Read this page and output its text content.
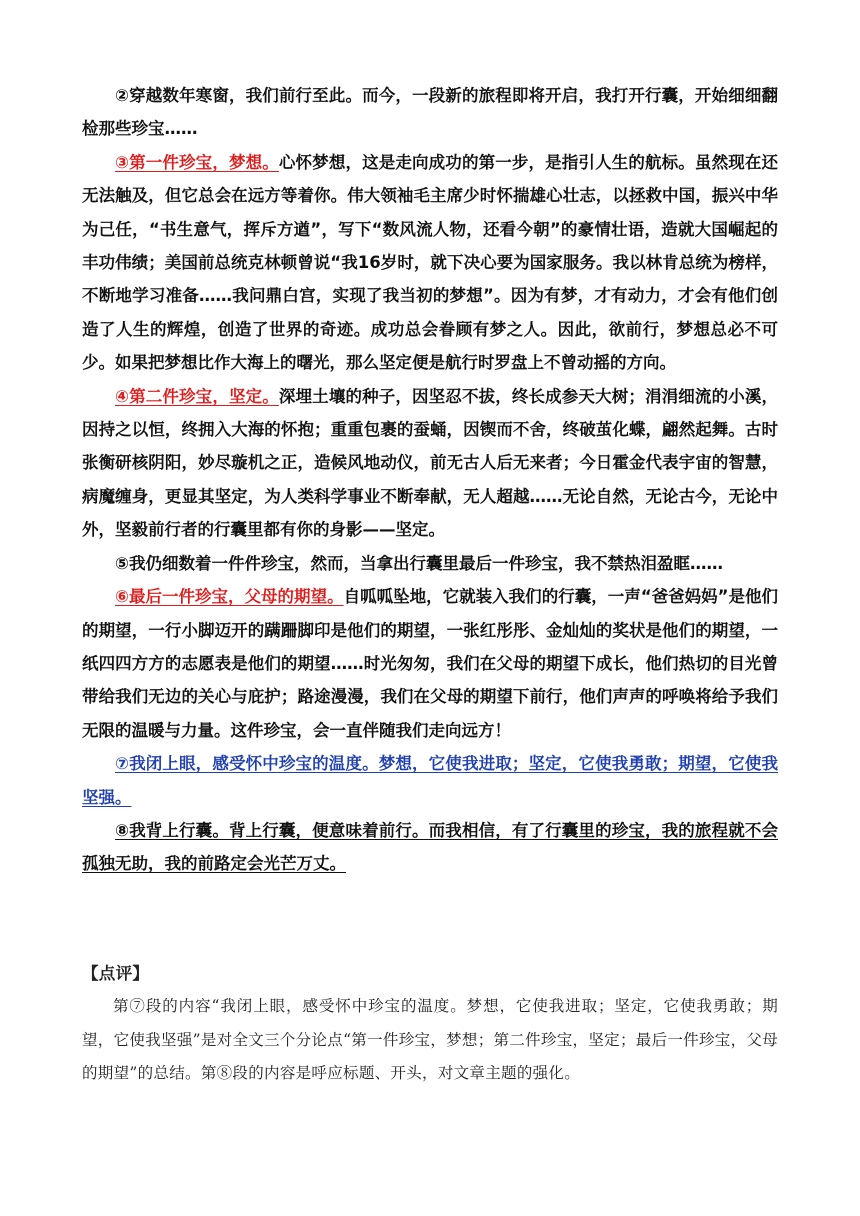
②穿越数年寒窗，我们前行至此。而今，一段新的旅程即将开启，我打开行囊，开始细细翻检那些珍宝……

③第一件珍宝，梦想。心怀梦想，这是走向成功的第一步，是指引人生的航标。虽然现在还无法触及，但它总会在远方等着你。伟大领袖毛主席少时怀揣雄心壮志，以拯救中国，振兴中华为己任，“书生意气，挥斥方遒”，写下“数风流人物，还看今朝”的豪情壮语，造就大国崛起的丰功伟绩；美国前总统克林顿曾说“我16岁时，就下决心要为国家服务。我以林肯总统为榜样，不断地学习准备……我问鼎白宫，实现了我当初的梦想”。因为有梦，才有动力，才会有他们创造了人生的辉煌，创造了世界的奇迹。成功总会眷顾有梦之人。因此，欲前行，梦想总必不可少。如果把梦想比作大海上的曙光，那么坚定便是航行时罗盘上不曾动摇的方向。

④第二件珍宝，坚定。深埋土壤的种子，因坚忍不拔，终长成参天大树；涓涓细流的小溪，因持之以恒，终拥入大海的怀抱；重重包裹的蚕蛹，因锲而不舍，终破茧化蝶，翩然起舞。古时张衡研核阴阳，妙尽璇机之正，造候风地动仪，前无古人后无来者；今日霍金代表宇宙的智慧，病魔缠身，更显其坚定，为人类科学事业不断奉献，无人超越……无论自然，无论古今，无论中外，坚毅前行者的行囊里都有你的身影——坚定。

⑤我仍细数着一件件珍宝，然而，当拿出行囊里最后一件珍宝，我不禁热泪盈眶……

⑥最后一件珍宝，父母的期望。自呱呱坠地，它就装入我们的行囊，一声“爸爸妈妈”是他们的期望，一行小脚迈开的蹒跚脚印是他们的期望，一张红彤彤、金灿灿的奖状是他们的期望，一纸四四方方的志愿表是他们的期望……时光匆匆，我们在父母的期望下成长，他们热切的目光曾带给我们无边的关心与庇护；路途漫漫，我们在父母的期望下前行，他们声声的呼唤将给予我们无限的温暖与力量。这件珍宝，会一直伴随我们走向远方！

⑦我闭上眼，感受怀中珍宝的温度。梦想，它使我进取；坚定，它使我勇敢；期望，它使我坚强。

⑧我背上行囊。背上行囊，便意味着前行。而我相信，有了行囊里的珍宝，我的旅程就不会孤独无助，我的前路定会光芒万丈。

【点评】

第⑦段的内容“我闭上眼，感受怀中珍宝的温度。梦想，它使我进取；坚定，它使我勇敢；期望，它使我坚强”是对全文三个分论点“第一件珍宝，梦想；第二件珍宝，坚定；最后一件珍宝，父母的期望”的总结。第⑧段的内容是呼应标题、开头，对文章主题的强化。
